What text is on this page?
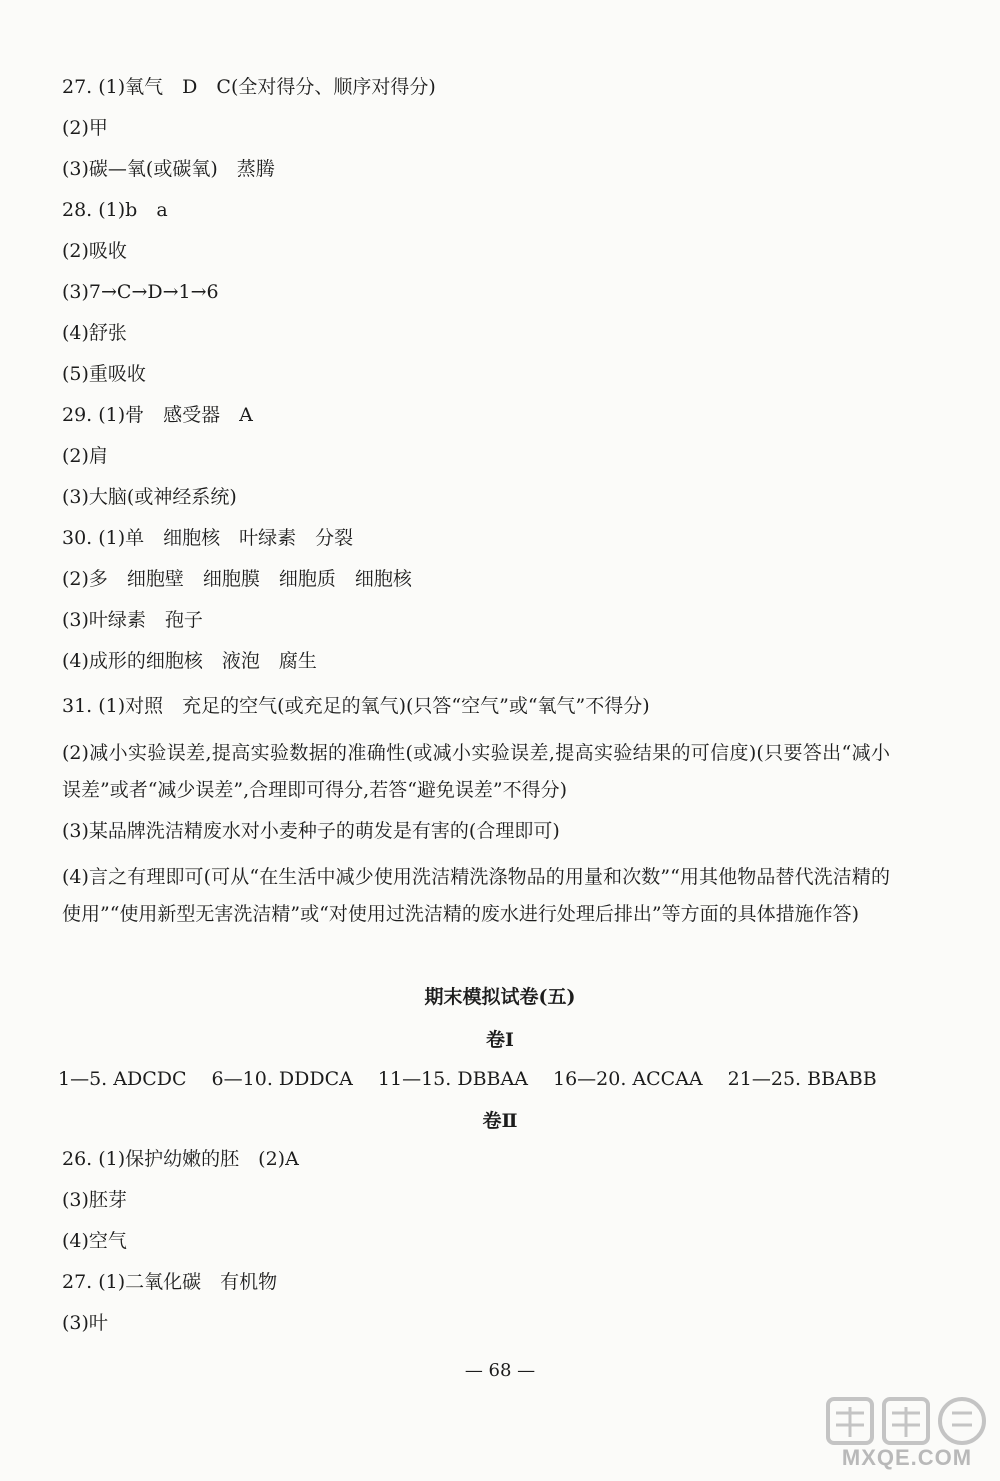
27. (1)氧气　D　C(全对得分、顺序对得分)
(2)甲
(3)碳—氧(或碳氧)　蒸腾
28. (1)b　a
(2)吸收
(3)7→C→D→1→6
(4)舒张
(5)重吸收
29. (1)骨　感受器　A
(2)肩
(3)大脑(或神经系统)
30. (1)单　细胞核　叶绿素　分裂
(2)多　细胞壁　细胞膜　细胞质　细胞核
(3)叶绿素　孢子
(4)成形的细胞核　液泡　腐生
31. (1)对照　充足的空气(或充足的氧气)(只答“空气”或“氧气”不得分)
(2)减小实验误差,提高实验数据的准确性(或减小实验误差,提高实验结果的可信度)(只要答出“减小误差”或者“减少误差”,合理即可得分,若答“避免误差”不得分)
(3)某品牌洗洁精废水对小麦种子的萌发是有害的(合理即可)
(4)言之有理即可(可从“在生活中减少使用洗洁精洗涤物品的用量和次数”“用其他物品替代洗洁精的使用”“使用新型无害洗洁精”或“对使用过洗洁精的废水进行处理后排出”等方面的具体措施作答)
期末模拟试卷(五)
卷Ⅰ
1—5. ADCDC　 6—10. DDDCA　 11—15. DBBAA　 16—20. ACCAA　 21—25. BBABB
卷Ⅱ
26. (1)保护幼嫩的胚　(2)A
(3)胚芽
(4)空气
27. (1)二氧化碳　有机物
(3)叶
— 68 —
MXQE.COM
